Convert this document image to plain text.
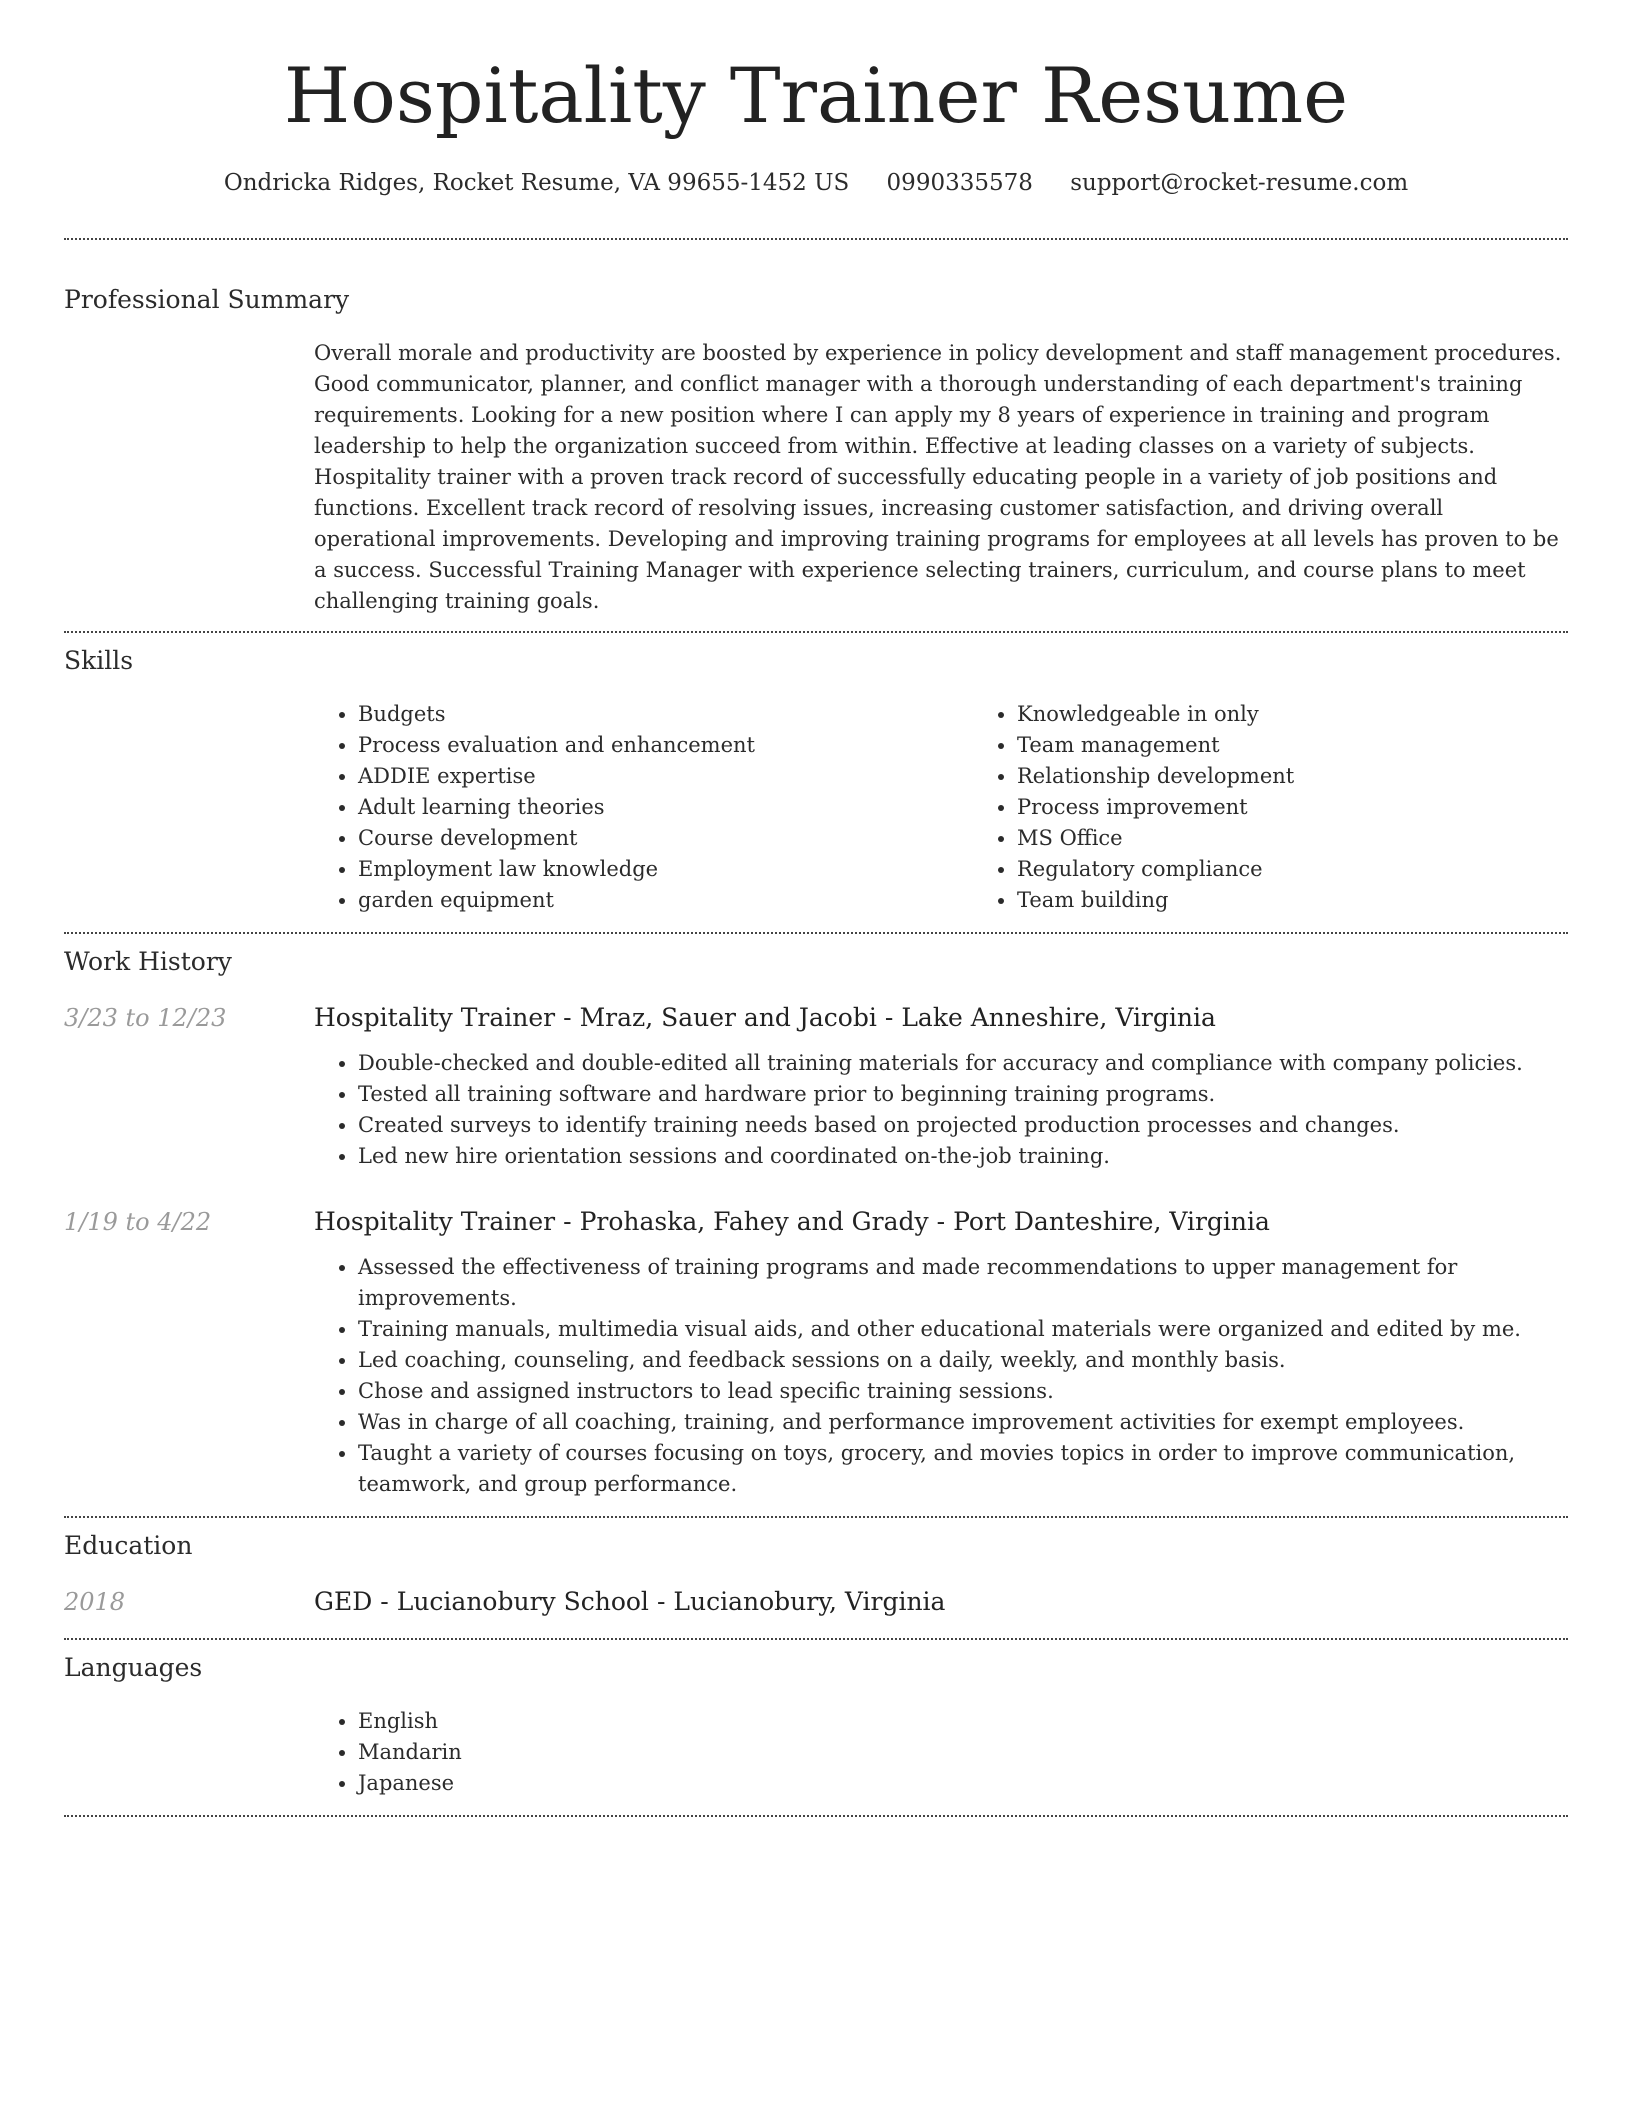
Hospitality Trainer Resume
Ondricka Ridges, Rocket Resume, VA 99655-1452 US 0990335578 support@rocket-resume.com
Professional Summary

Overall morale and productivity are boosted by experience in policy development and staff management procedures. Good communicator, planner, and conflict manager with a thorough understanding of each department's training requirements. Looking for a new position where I can apply my 8 years of experience in training and program leadership to help the organization succeed from within. Effective at leading classes on a variety of subjects. Hospitality trainer with a proven track record of successfully educating people in a variety of job positions and functions. Excellent track record of resolving issues, increasing customer satisfaction, and driving overall operational improvements. Developing and improving training programs for employees at all levels has proven to be a success. Successful Training Manager with experience selecting trainers, curriculum, and course plans to meet challenging training goals.

Skills
• Budgets
• Process evaluation and enhancement
• ADDIE expertise
• Adult learning theories
• Course development
• Employment law knowledge
• garden equipment
• Knowledgeable in only
• Team management
• Relationship development
• Process improvement
• MS Office
• Regulatory compliance
• Team building
Work History
3/23 to 12/23	Hospitality Trainer - Mraz, Sauer and Jacobi - Lake Anneshire, Virginia
• Double-checked and double-edited all training materials for accuracy and compliance with company policies.
• Tested all training software and hardware prior to beginning training programs.
• Created surveys to identify training needs based on projected production processes and changes.
• Led new hire orientation sessions and coordinated on-the-job training.
1/19 to 4/22	Hospitality Trainer - Prohaska, Fahey and Grady - Port Danteshire, Virginia
• Assessed the effectiveness of training programs and made recommendations to upper management for improvements.
• Training manuals, multimedia visual aids, and other educational materials were organized and edited by me.
• Led coaching, counseling, and feedback sessions on a daily, weekly, and monthly basis.
• Chose and assigned instructors to lead specific training sessions.
• Was in charge of all coaching, training, and performance improvement activities for exempt employees.
• Taught a variety of courses focusing on toys, grocery, and movies topics in order to improve communication, teamwork, and group performance.
Education
2018	GED - Lucianobury School - Lucianobury, Virginia
Languages
• English
• Mandarin
• Japanese
